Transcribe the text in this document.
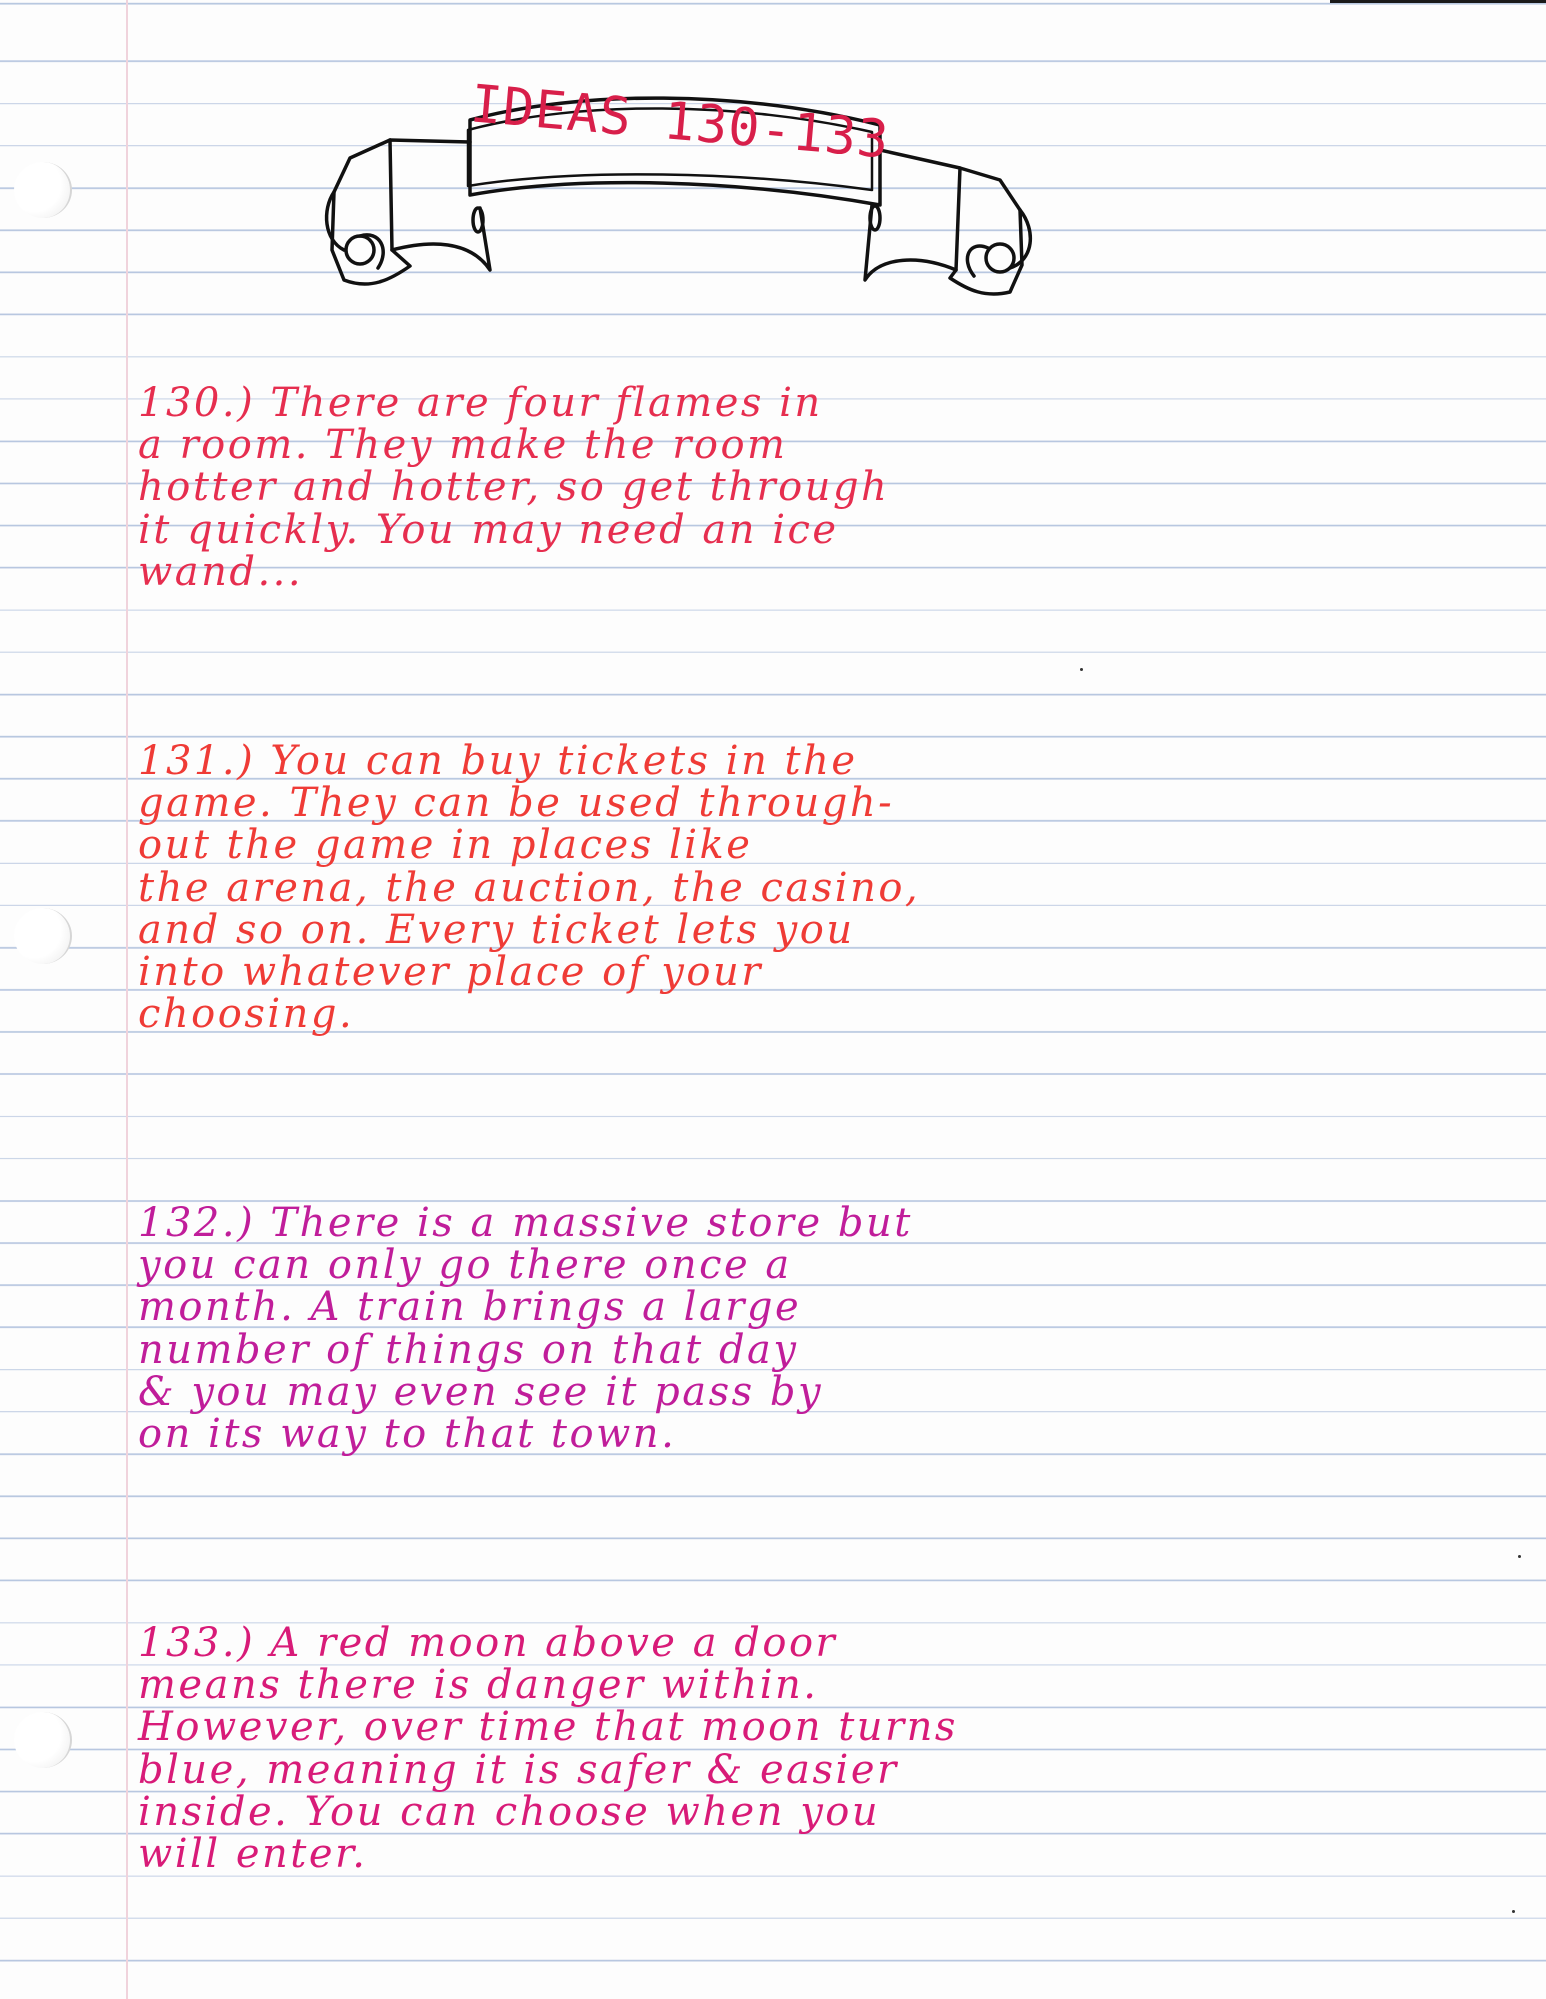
IDEAS 130-133
130.) There are four flames in
a room. They make the room
hotter and hotter, so get through
it quickly. You may need an ice
wand...
131.) You can buy tickets in the
game. They can be used through-
out the game in places like
the arena, the auction, the casino,
and so on. Every ticket lets you
into whatever place of your
choosing.
132.) There is a massive store but
you can only go there once a
month. A train brings a large
number of things on that day
& you may even see it pass by
on its way to that town.
133.) A red moon above a door
means there is danger within.
However, over time that moon turns
blue, meaning it is safer & easier
inside. You can choose when you
will enter.
